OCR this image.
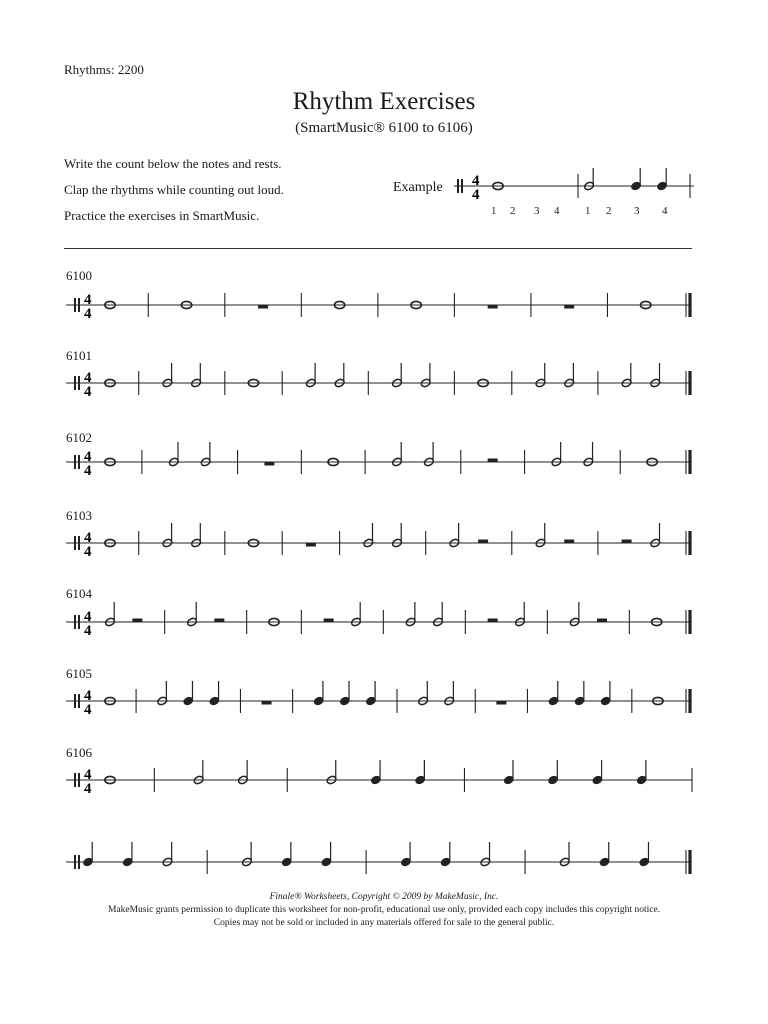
Rhythms: 2200
Rhythm Exercises
(SmartMusic® 6100 to 6106)
Write the count below the notes and rests.
Clap the rhythms while counting out loud.
Practice the exercises in SmartMusic.
Example 4
4
1 2 3 4 1 2 3 4
6100
6101
6102
6103
6104
6105
6106
4
4
4
4
4
4
4
4
4
4
4
4
4
4
Finale® Worksheets, Copyright © 2009 by MakeMusic, Inc.
MakeMusic grants permission to duplicate this worksheet for non-profit, educational use only, provided each copy includes this copyright notice.
Copies may not be sold or included in any materials offered for sale to the general public.
